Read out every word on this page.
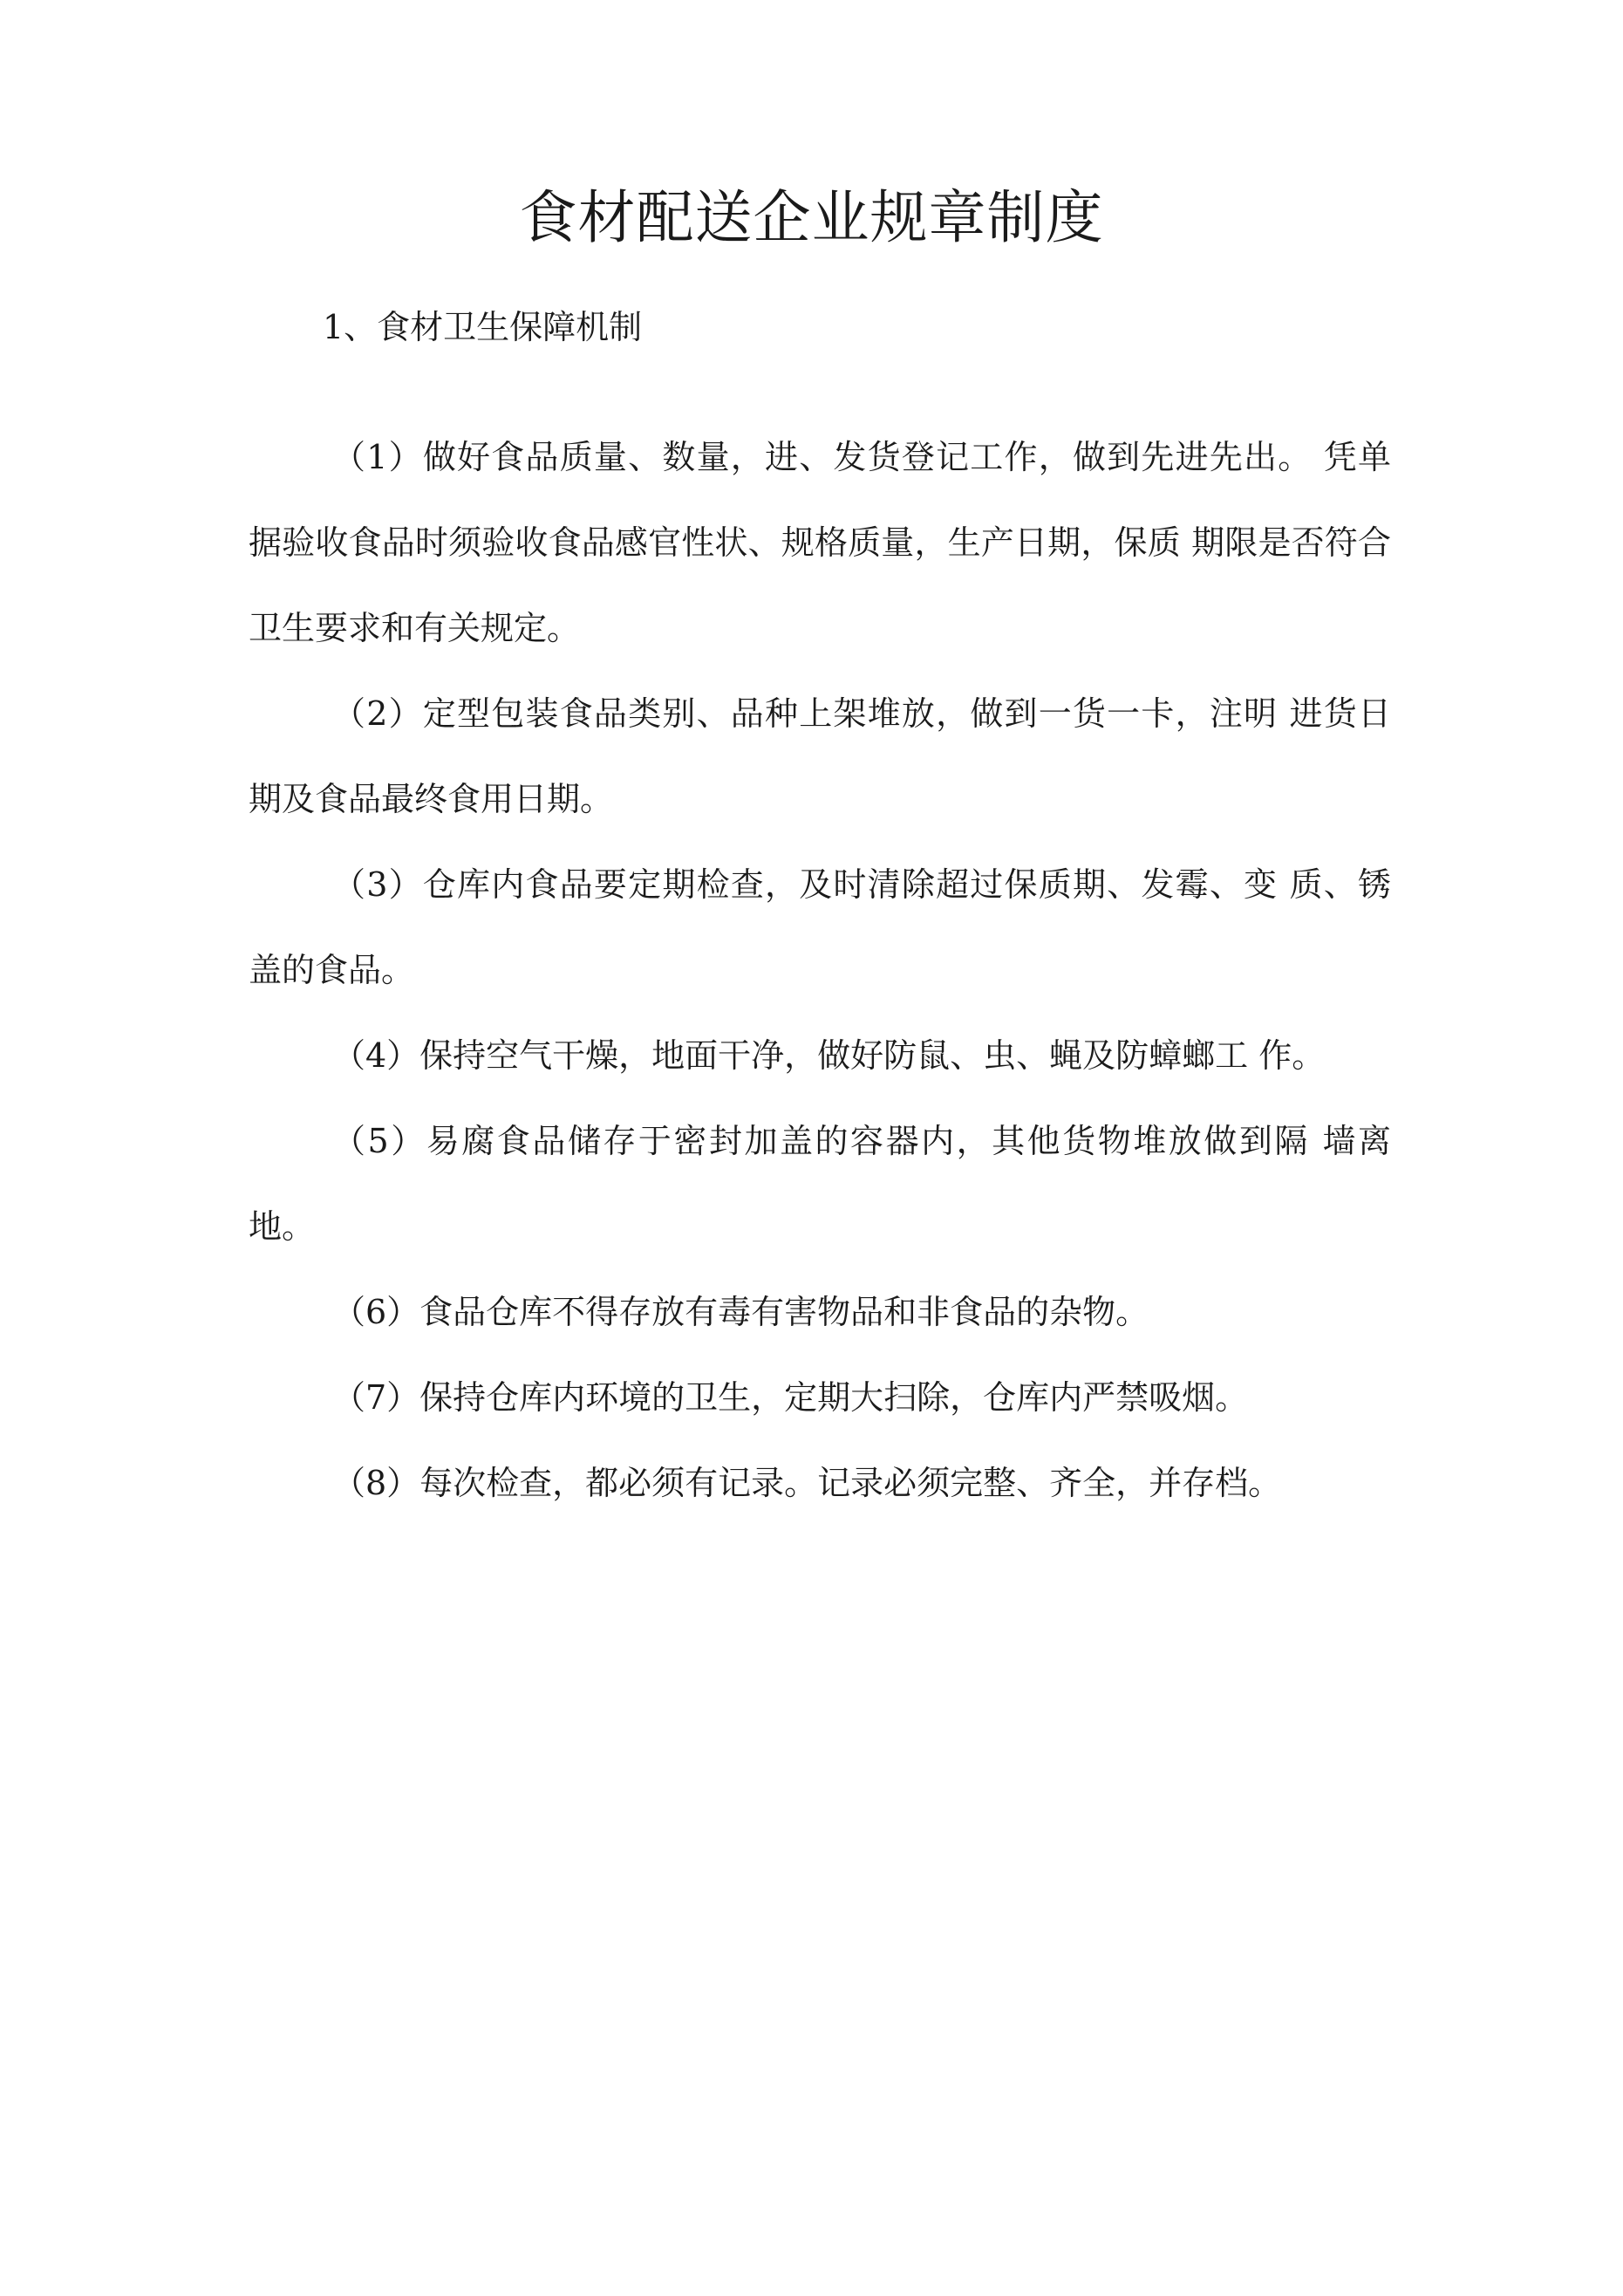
食材配送企业规章制度
1、食材卫生保障机制

（1）做好食品质量、数量，进、发货登记工作，做到先进先出。 凭单据验收食品时须验收食品感官性状、规格质量，生产日期，保质 期限是否符合卫生要求和有关规定。

（2）定型包装食品类别、品种上架堆放，做到一货一卡，注明 进货日期及食品最终食用日期。

（3）仓库内食品要定期检查，及时清除超过保质期、发霉、变 质、锈盖的食品。

（4）保持空气干燥，地面干净，做好防鼠、虫、蝇及防蟑螂工 作。

（5）易腐食品储存于密封加盖的容器内，其他货物堆放做到隔 墙离地。

（6）食品仓库不得存放有毒有害物品和非食品的杂物。

（7）保持仓库内环境的卫生，定期大扫除，仓库内严禁吸烟。

（8）每次检查，都必须有记录。记录必须完整、齐全，并存档。
